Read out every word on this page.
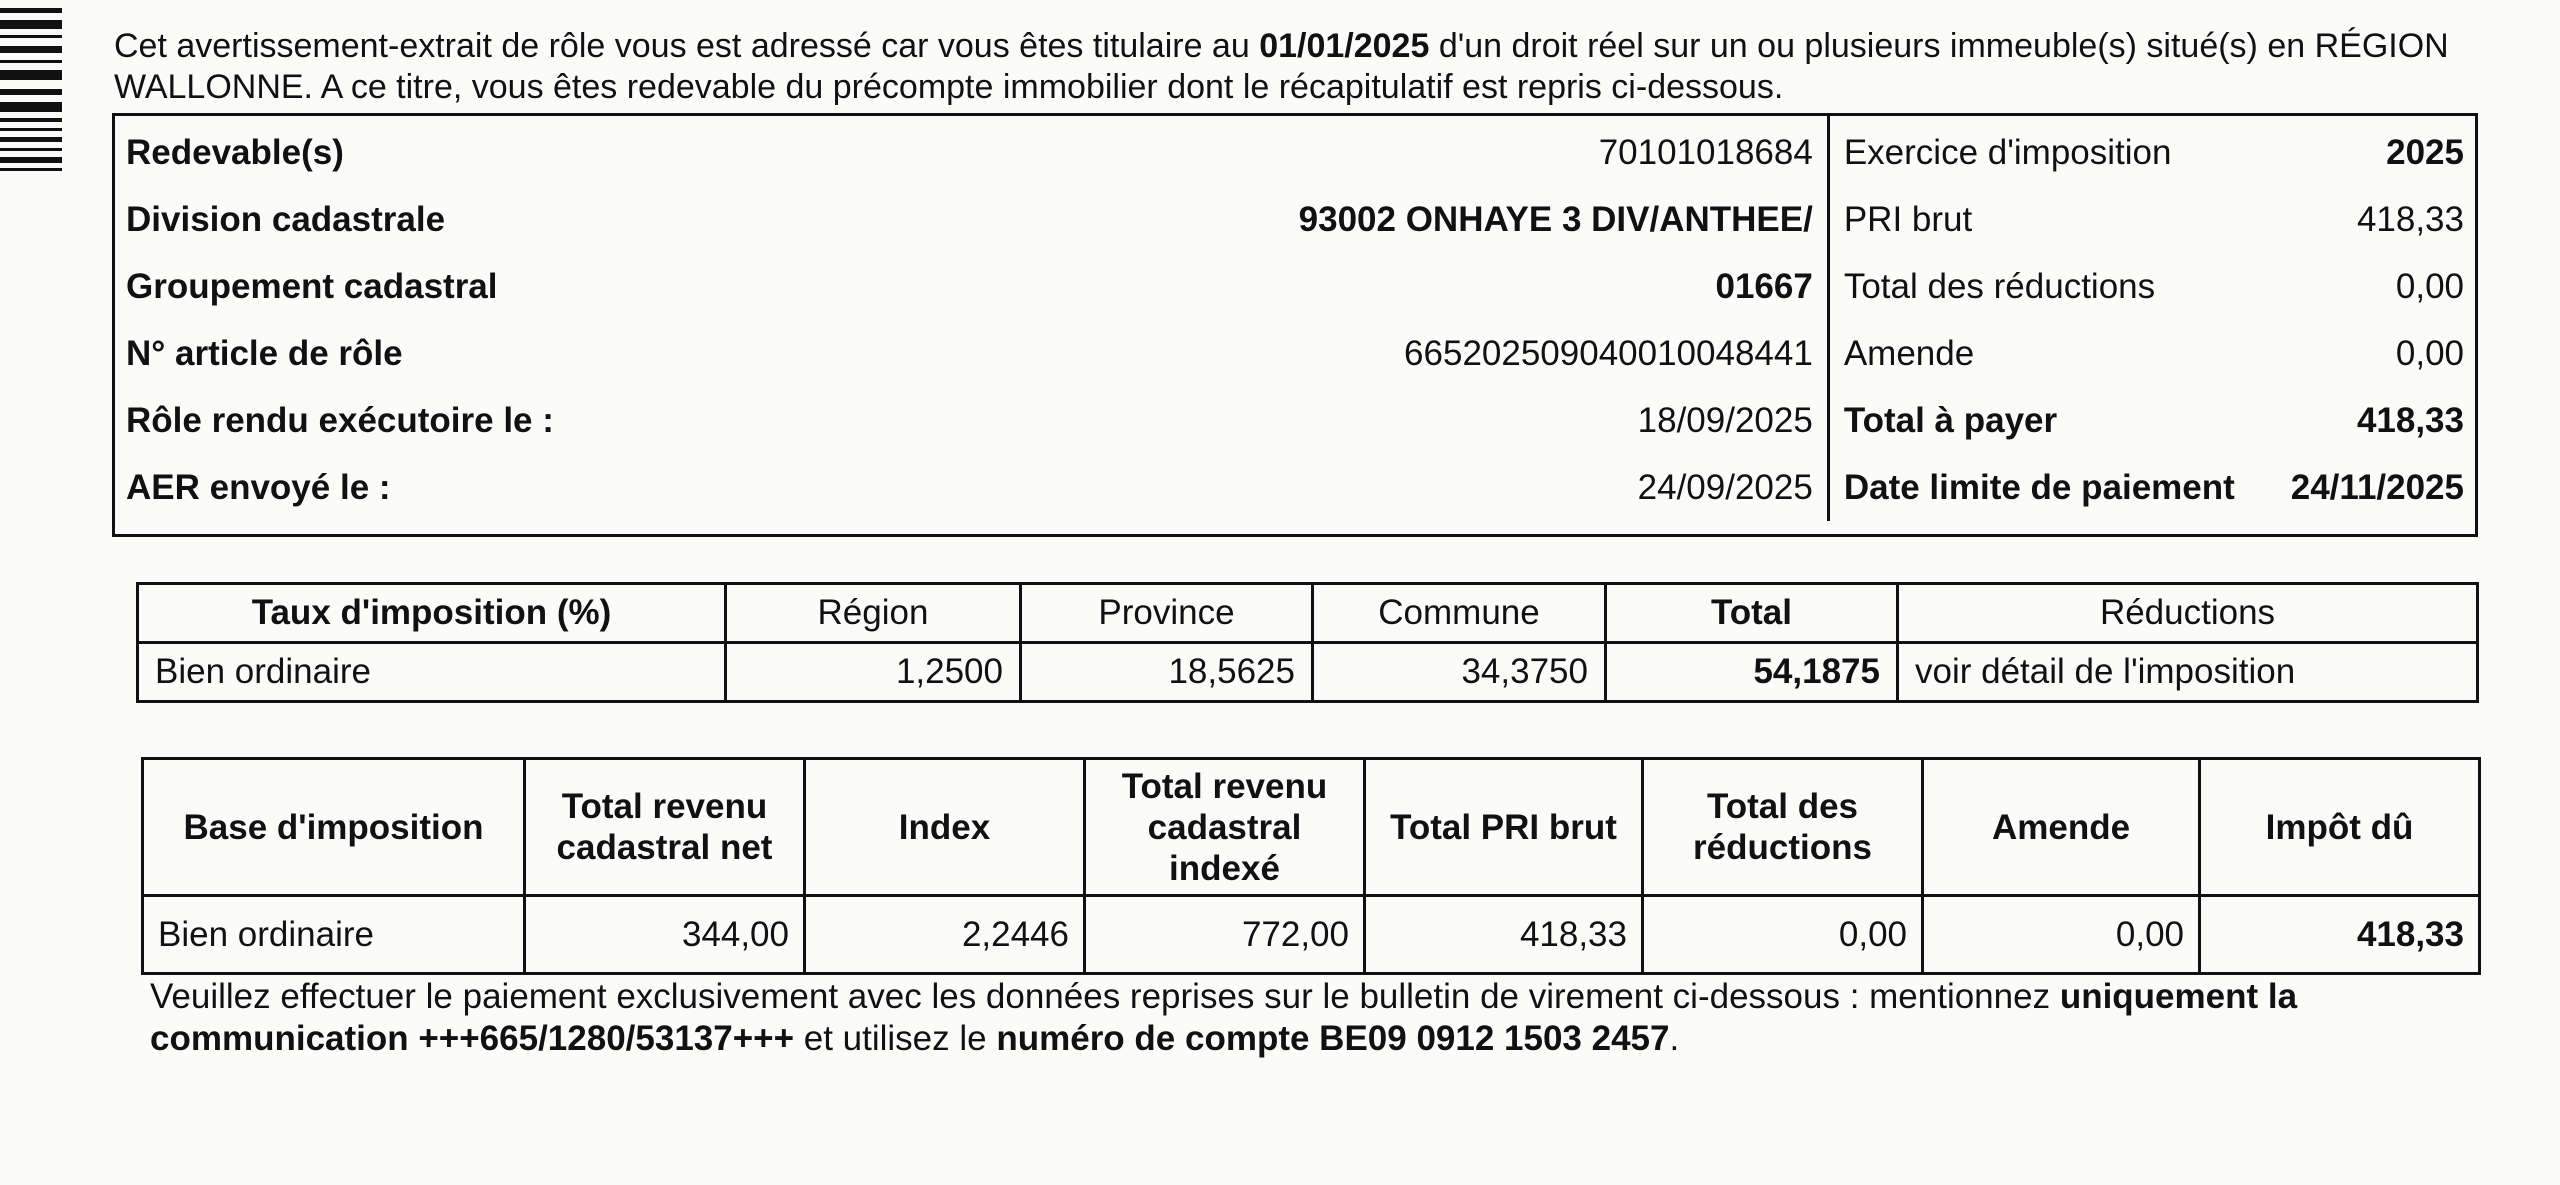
Cet avertissement-extrait de rôle vous est adressé car vous êtes titulaire au 01/01/2025 d'un droit réel sur un ou plusieurs immeuble(s) situé(s) en RÉGION WALLONNE. A ce titre, vous êtes redevable du précompte immobilier dont le récapitulatif est repris ci-dessous.

Redevable(s)	70101018684	Exercice d'imposition	2025
Division cadastrale	93002 ONHAYE 3 DIV/ANTHEE/	PRI brut	418,33
Groupement cadastral	01667	Total des réductions	0,00
N° article de rôle	665202509040010048441	Amende	0,00
Rôle rendu exécutoire le :	18/09/2025	Total à payer	418,33
AER envoyé le :	24/09/2025	Date limite de paiement	24/11/2025
Taux d'imposition (%)	Région	Province	Commune	Total	Réductions
Bien ordinaire	1,2500	18,5625	34,3750	54,1875	voir détail de l'imposition
Base d'imposition	Total revenu cadastral net	Index	Total revenu cadastral indexé	Total PRI brut	Total des réductions	Amende	Impôt dû
Bien ordinaire	344,00	2,2446	772,00	418,33	0,00	0,00	418,33

Veuillez effectuer le paiement exclusivement avec les données reprises sur le bulletin de virement ci-dessous : mentionnez uniquement la communication +++665/1280/53137+++ et utilisez le numéro de compte BE09 0912 1503 2457.
